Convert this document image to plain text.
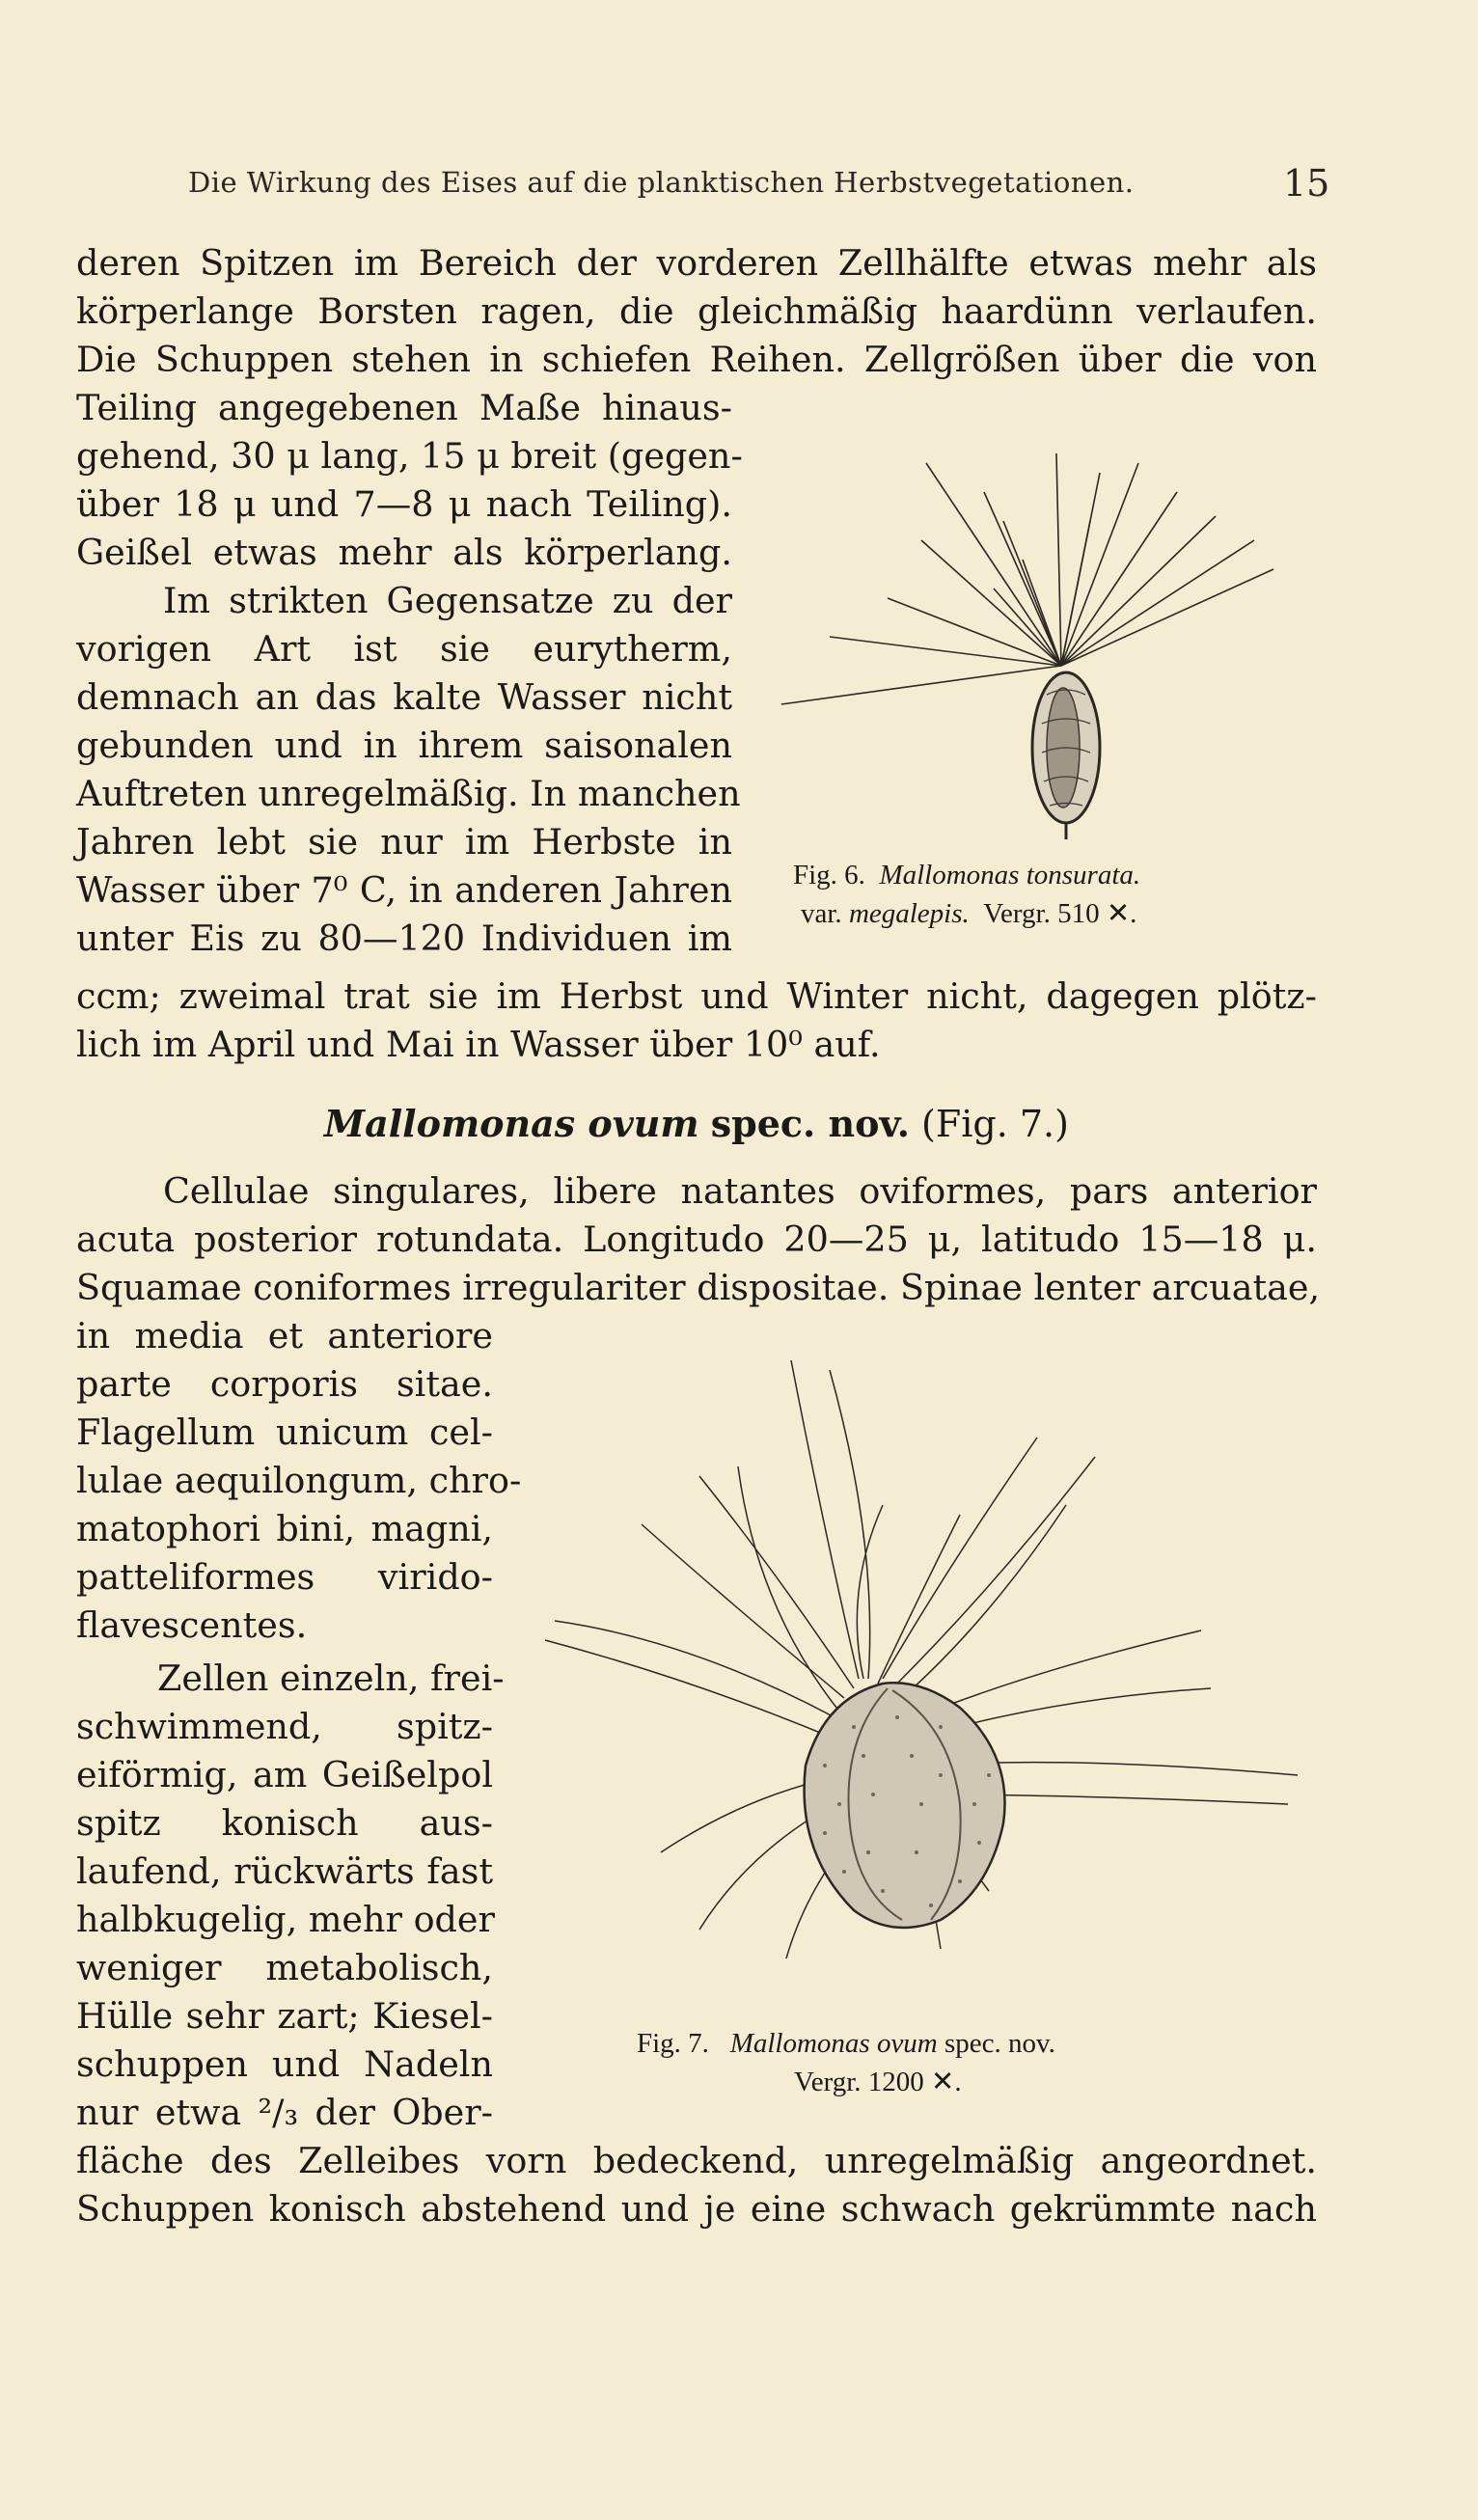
Die Wirkung des Eises auf die planktischen Herbstvegetationen.	15
deren Spitzen im Bereich der vorderen Zellhälfte etwas mehr als
körperlange Borsten ragen, die gleichmäßig haardünn verlaufen.
Die Schuppen stehen in schiefen Reihen. Zellgrößen über die von
Teiling angegebenen Maße hinaus-
gehend, 30 μ lang, 15 μ breit (gegen-
über 18 μ und 7—8 μ nach Teiling).
Geißel etwas mehr als körperlang.
Im strikten Gegensatze zu der
vorigen Art ist sie eurytherm,
demnach an das kalte Wasser nicht
gebunden und in ihrem saisonalen
Auftreten unregelmäßig. In manchen
Jahren lebt sie nur im Herbste in
Wasser über 7⁰ C, in anderen Jahren
unter Eis zu 80—120 Individuen im
ccm; zweimal trat sie im Herbst und Winter nicht, dagegen plötz-
lich im April und Mai in Wasser über 10⁰ auf.
Fig. 6. Mallomonas tonsurata.
var. megalepis. Vergr. 510 ✕.
Mallomonas ovum spec. nov. (Fig. 7.)
Cellulae singulares, libere natantes oviformes, pars anterior
acuta posterior rotundata. Longitudo 20—25 μ, latitudo 15—18 μ.
Squamae coniformes irregulariter dispositae. Spinae lenter arcuatae,
in media et anteriore
parte corporis sitae.
Flagellum unicum cel-
lulae aequilongum, chro-
matophori bini, magni,
patteliformes virido-
flavescentes.
Zellen einzeln, frei-
schwimmend, spitz-
eiförmig, am Geißelpol
spitz konisch aus-
laufend, rückwärts fast
halbkugelig, mehr oder
weniger metabolisch,
Hülle sehr zart; Kiesel-
schuppen und Nadeln
nur etwa ²/₃ der Ober-
fläche des Zelleibes vorn bedeckend, unregelmäßig angeordnet.
Schuppen konisch abstehend und je eine schwach gekrümmte nach
Fig. 7. Mallomonas ovum spec. nov.
Vergr. 1200 ✕.
